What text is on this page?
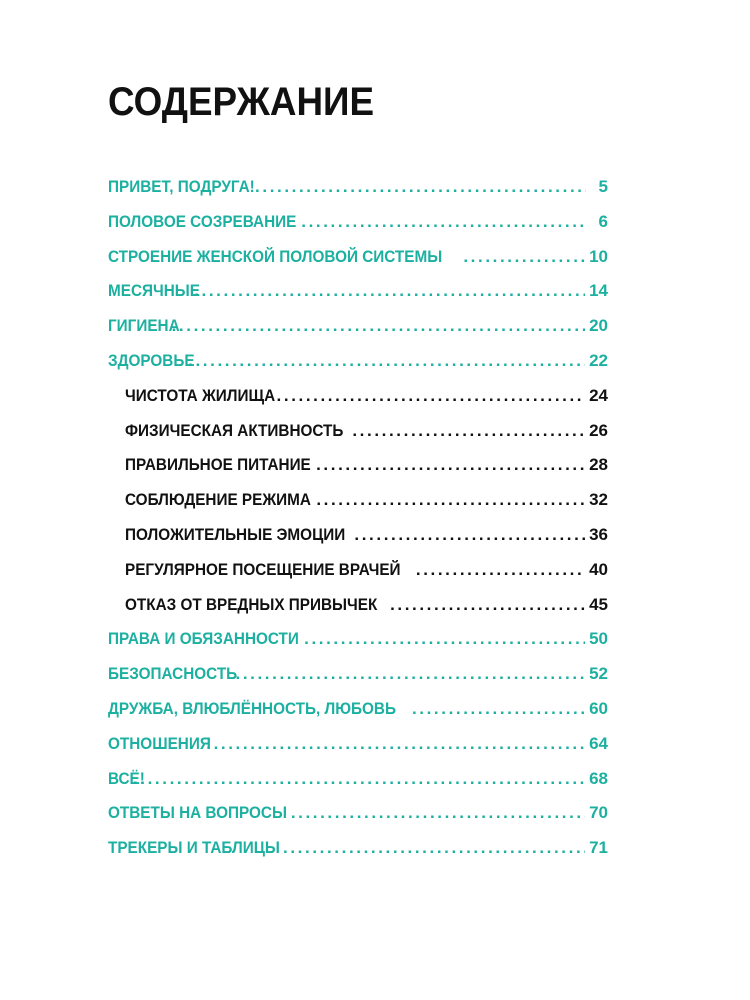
СОДЕРЖАНИЕ
ПРИВЕТ, ПОДРУГА! .....	5
ПОЛОВОЕ СОЗРЕВАНИЕ .....	6
СТРОЕНИЕ ЖЕНСКОЙ ПОЛОВОЙ СИСТЕМЫ .....	10
МЕСЯЧНЫЕ .....	14
ГИГИЕНА .....	20
ЗДОРОВЬЕ .....	22
ЧИСТОТА ЖИЛИЩА .....	24
ФИЗИЧЕСКАЯ АКТИВНОСТЬ .....	26
ПРАВИЛЬНОЕ ПИТАНИЕ .....	28
СОБЛЮДЕНИЕ РЕЖИМА .....	32
ПОЛОЖИТЕЛЬНЫЕ ЭМОЦИИ .....	36
РЕГУЛЯРНОЕ ПОСЕЩЕНИЕ ВРАЧЕЙ .....	40
ОТКАЗ ОТ ВРЕДНЫХ ПРИВЫЧЕК .....	45
ПРАВА И ОБЯЗАННОСТИ .....	50
БЕЗОПАСНОСТЬ .....	52
ДРУЖБА, ВЛЮБЛЁННОСТЬ, ЛЮБОВЬ .....	60
ОТНОШЕНИЯ .....	64
ВСЁ! .....	68
ОТВЕТЫ НА ВОПРОСЫ .....	70
ТРЕКЕРЫ И ТАБЛИЦЫ .....	71
